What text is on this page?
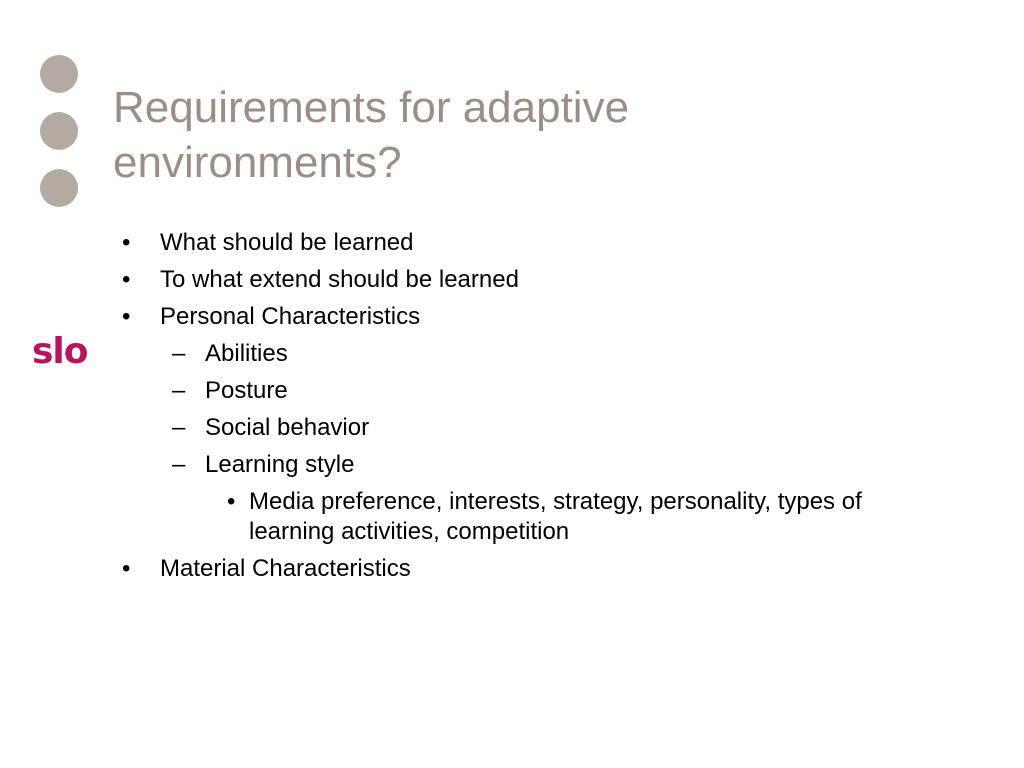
slo
Requirements for adaptive
environments?
• What should be learned
• To what extend should be learned
• Personal Characteristics
– Abilities
– Posture
– Social behavior
– Learning style
• Media preference, interests, strategy, personality, types of learning activities, competition
• Material Characteristics
